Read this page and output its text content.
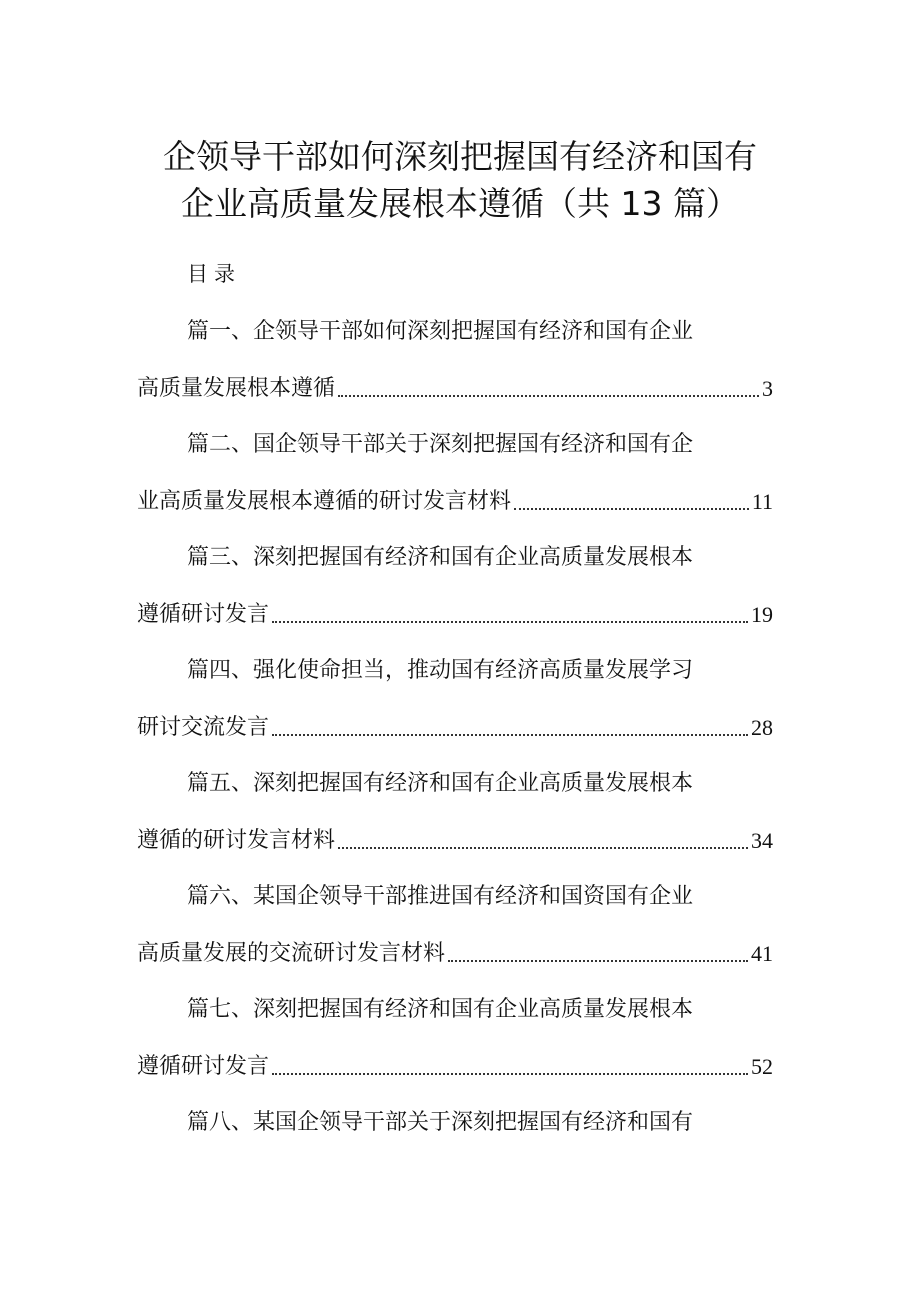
企领导干部如何深刻把握国有经济和国有
企业高质量发展根本遵循（共 13 篇）
目录
篇一、企领导干部如何深刻把握国有经济和国有企业
高质量发展根本遵循	3
篇二、国企领导干部关于深刻把握国有经济和国有企
业高质量发展根本遵循的研讨发言材料	11
篇三、深刻把握国有经济和国有企业高质量发展根本
遵循研讨发言	19
篇四、强化使命担当，推动国有经济高质量发展学习
研讨交流发言	28
篇五、深刻把握国有经济和国有企业高质量发展根本
遵循的研讨发言材料	34
篇六、某国企领导干部推进国有经济和国资国有企业
高质量发展的交流研讨发言材料	41
篇七、深刻把握国有经济和国有企业高质量发展根本
遵循研讨发言	52
篇八、某国企领导干部关于深刻把握国有经济和国有
